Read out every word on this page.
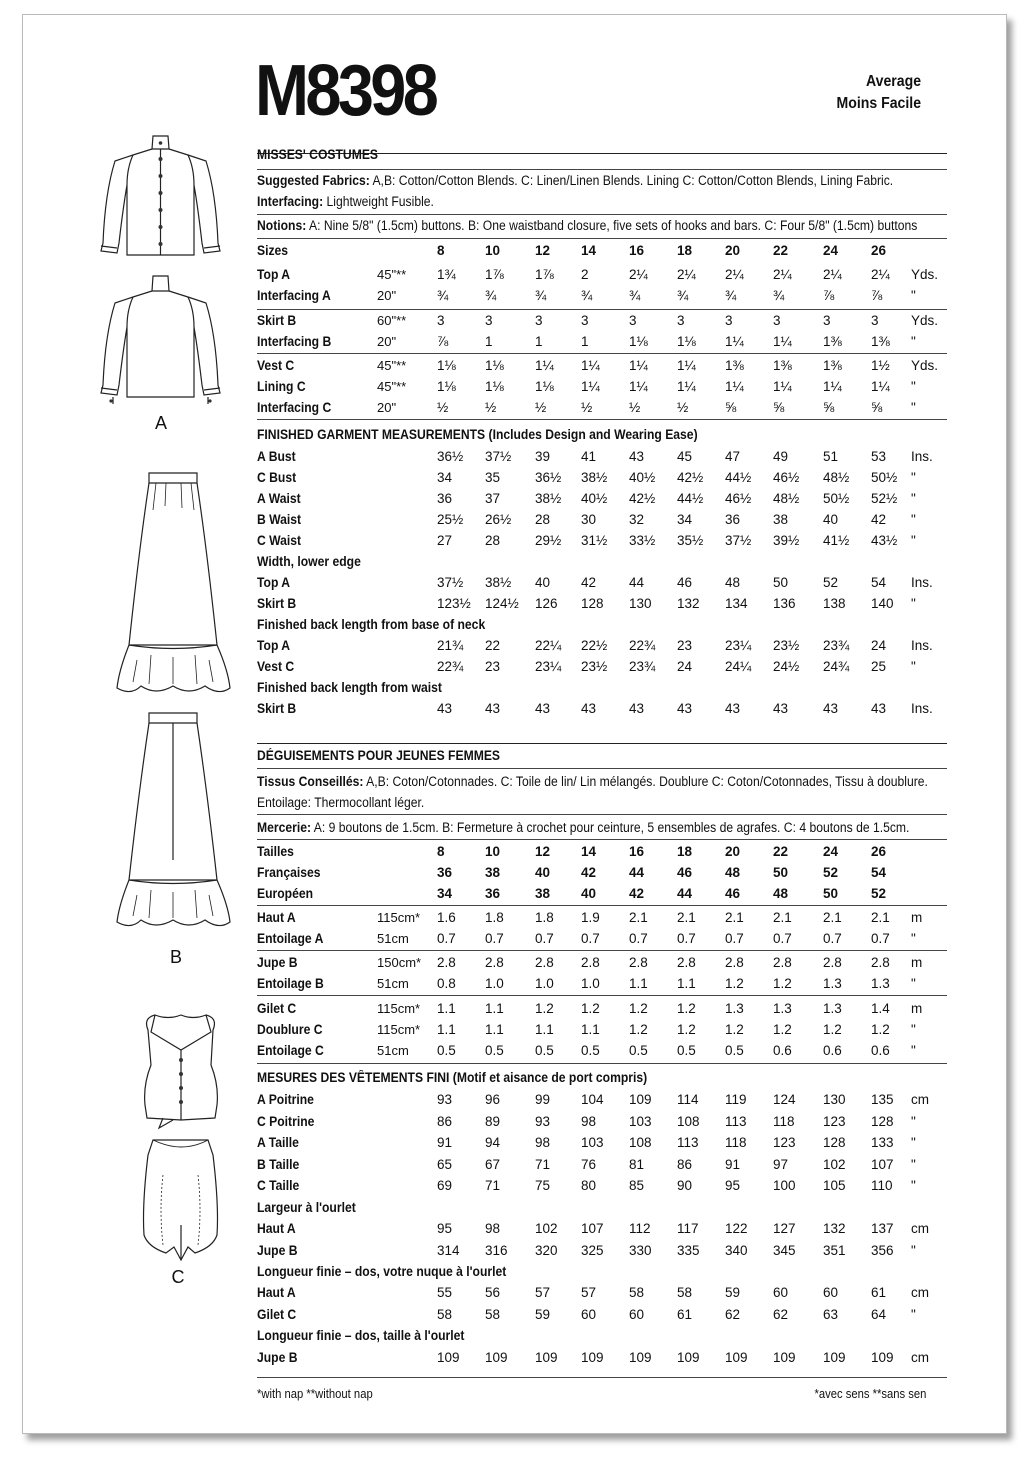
M8398	Average
Moins Facile
A
B
C
MISSES' COSTUMES
Suggested Fabrics: A,B: Cotton/Cotton Blends. C: Linen/Linen Blends. Lining C: Cotton/Cotton Blends, Lining Fabric.
Interfacing: Lightweight Fusible.
Notions: A: Nine 5/8" (1.5cm) buttons. B: One waistband closure, five sets of hooks and bars. C: Four 5/8" (1.5cm) buttons
Sizes	8	10	12	14	16	18	20	22	24	26
Top A	45"** 1¾	1⅞	1⅞	2	2¼	2¼	2¼	2¼	2¼	2¼	Yds.
Interfacing A	20"	¾	¾	¾	¾	¾	¾	¾	¾	⅞	⅞	"
Skirt B	60"** 3	3	3	3	3	3	3	3	3	3	Yds.
Interfacing B	20"	⅞	1	1	1	1⅛	1⅛	1¼	1¼	1⅜	1⅜	"
Vest C	45"** 1⅛	1⅛	1¼	1¼	1¼	1¼	1⅜	1⅜	1⅜	1½	Yds.
Lining C	45"** 1⅛	1⅛	1⅛	1¼	1¼	1¼	1¼	1¼	1¼	1¼	"
Interfacing C	20"	½	½	½	½	½	½	⅝	⅝	⅝	⅝	"
FINISHED GARMENT MEASUREMENTS (Includes Design and Wearing Ease)
A Bust	36½	37½	39	41	43	45	47	49	51	53	Ins.
C Bust	34	35	36½	38½	40½	42½	44½	46½	48½	50½	"
A Waist	36	37	38½	40½	42½	44½	46½	48½	50½	52½	"
B Waist	25½	26½	28	30	32	34	36	38	40	42	"
C Waist	27	28	29½	31½	33½	35½	37½	39½	41½	43½	"
Width, lower edge
Top A	37½	38½	40	42	44	46	48	50	52	54	Ins.
Skirt B	123½	124½	126	128	130	132	134	136	138	140	"
Finished back length from base of neck
Top A	21¾	22	22¼	22½	22¾	23	23¼	23½	23¾	24	Ins.
Vest C	22¾	23	23¼	23½	23¾	24	24¼	24½	24¾	25	"
Finished back length from waist
Skirt B	43	43	43	43	43	43	43	43	43	43	Ins.
DÉGUISEMENTS POUR JEUNES FEMMES
Tissus Conseillés: A,B: Coton/Cotonnades. C: Toile de lin/ Lin mélangés. Doublure C: Coton/Cotonnades, Tissu à doublure. Entoilage: Thermocollant léger.
Mercerie: A: 9 boutons de 1.5cm. B: Fermeture à crochet pour ceinture, 5 ensembles de agrafes. C: 4 boutons de 1.5cm.
Tailles	8	10	12	14	16	18	20	22	24	26
Françaises	36	38	40	42	44	46	48	50	52	54
Européen	34	36	38	40	42	44	46	48	50	52
Haut A	115cm* 1.6	1.8	1.8	1.9	2.1	2.1	2.1	2.1	2.1	2.1	m
Entoilage A	51cm 0.7	0.7	0.7	0.7	0.7	0.7	0.7	0.7	0.7	0.7	"
Jupe B	150cm* 2.8	2.8	2.8	2.8	2.8	2.8	2.8	2.8	2.8	2.8	m
Entoilage B	51cm 0.8	1.0	1.0	1.0	1.1	1.1	1.2	1.2	1.3	1.3	"
Gilet C	115cm* 1.1	1.1	1.2	1.2	1.2	1.2	1.3	1.3	1.3	1.4	m
Doublure C	115cm* 1.1	1.1	1.1	1.1	1.2	1.2	1.2	1.2	1.2	1.2	"
Entoilage C	51cm 0.5	0.5	0.5	0.5	0.5	0.5	0.5	0.6	0.6	0.6	"
MESURES DES VÊTEMENTS FINI (Motif et aisance de port compris)
A Poitrine	93	96	99	104	109	114	119	124	130	135	cm
C Poitrine	86	89	93	98	103	108	113	118	123	128	"
A Taille	91	94	98	103	108	113	118	123	128	133	"
B Taille	65	67	71	76	81	86	91	97	102	107	"
C Taille	69	71	75	80	85	90	95	100	105	110	"
Largeur à l'ourlet
Haut A	95	98	102	107	112	117	122	127	132	137	cm
Jupe B	314	316	320	325	330	335	340	345	351	356	"
Longueur finie – dos, votre nuque à l'ourlet
Haut A	55	56	57	57	58	58	59	60	60	61	cm
Gilet C	58	58	59	60	60	61	62	62	63	64	"
Longueur finie – dos, taille à l'ourlet
Jupe B	109	109	109	109	109	109	109	109	109	109	cm
*with nap **without nap	*avec sens **sans sen
